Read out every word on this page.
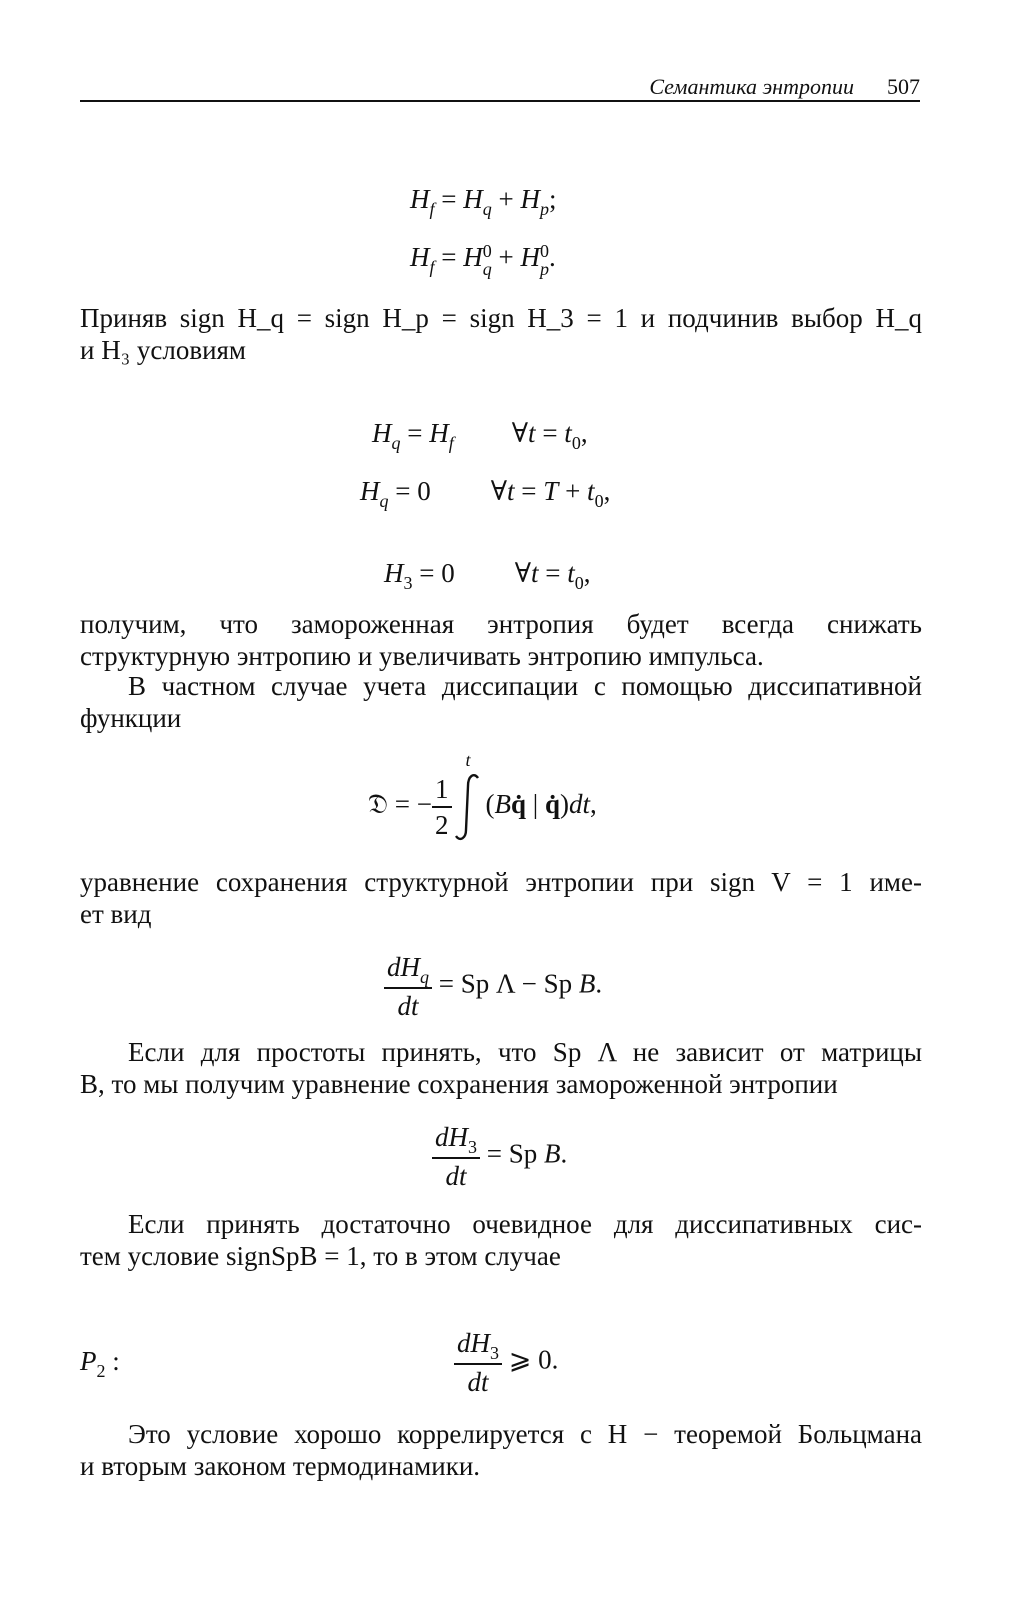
Семантика энтропии 507
$H_f = H_q + H_p$;
$H_f = H$ 0
q + H 0
p .
Приняв sign H_q = sign H_p = sign H_3 = 1 и подчинив выбор H_q
и H₃ условиям
$H_q = H_f$ ∀t = $t_0$,
$H_q = 0$ ∀t = $T + t_0$,
$H_3 = 0$ ∀t = $t_0$,
получим, что замороженная энтропия будет всегда снижать
структурную энтропию и увеличивать энтропию импульса.
В частном случае учета диссипации с помощью диссипативной
функции
𝔇 = − $\frac{1}{2}$
t
(Bq̇ | q̇)dt,
уравнение сохранения структурной энтропии при sign V = 1 име-
ет вид
$\frac{dH_q}{dt} = Sp$ Λ − Sp B.
Если для простоты принять, что Sp Λ не зависит от матрицы
B, то мы получим уравнение сохранения замороженной энтропии
$\frac{dH_3}{dt} = Sp$ B.
Если принять достаточно очевидное для диссипативных сис-
тем условие signSpB = 1, то в этом случае
$P_2$ :	$\frac{dH_3}{dt}$ ⩾ 0.
Это условие хорошо коррелируется с H − теоремой Больцмана
и вторым законом термодинамики.
